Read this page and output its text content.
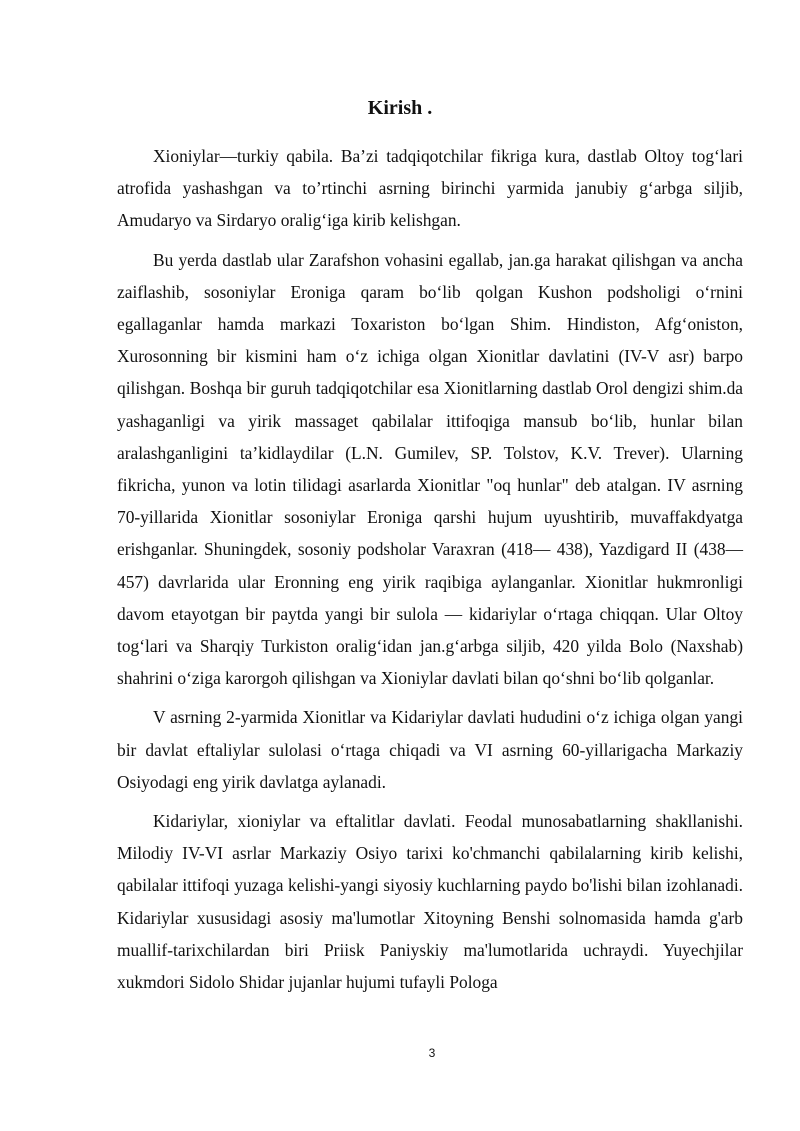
Kirish .

Xioniylar—turkiy qabila. Ba’zi tadqiqotchilar fikriga kura, dastlab Oltoy tog‘lari atrofida yashashgan va to’rtinchi asrning birinchi yarmida janubiy g‘arbga siljib, Amudaryo va Sirdaryo oralig‘iga kirib kelishgan.

Bu yerda dastlab ular Zarafshon vohasini egallab, jan.ga harakat qilishgan va ancha zaiflashib, sosoniylar Eroniga qaram bo‘lib qolgan Kushon podsholigi o‘rnini egallaganlar hamda markazi Toxariston bo‘lgan Shim. Hindiston, Afg‘oniston, Xurosonning bir kismini ham o‘z ichiga olgan Xionitlar davlatini (IV-V asr) barpo qilishgan. Boshqa bir guruh tadqiqotchilar esa Xionitlarning dastlab Orol dengizi shim.da yashaganligi va yirik massaget qabilalar ittifoqiga mansub bo‘lib, hunlar bilan aralashganligini ta’kidlaydilar (L.N. Gumilev, SP. Tolstov, K.V. Trever). Ularning fikricha, yunon va lotin tilidagi asarlarda Xionitlar "oq hunlar" deb atalgan. IV asrning 70-yillarida Xionitlar sosoniylar Eroniga qarshi hujum uyushtirib, muvaffakdyatga erishganlar. Shuningdek, sosoniy podsholar Varaxran (418— 438), Yazdigard II (438—457) davrlarida ular Eronning eng yirik raqibiga aylanganlar. Xionitlar hukmronligi davom etayotgan bir paytda yangi bir sulola — kidariylar o‘rtaga chiqqan. Ular Oltoy tog‘lari va Sharqiy Turkiston oralig‘idan jan.g‘arbga siljib, 420 yilda Bolo (Naxshab) shahrini o‘ziga karorgoh qilishgan va Xioniylar davlati bilan qo‘shni bo‘lib qolganlar.

V asrning 2-yarmida Xionitlar va Kidariylar davlati hududini o‘z ichiga olgan yangi bir davlat eftaliylar sulolasi o‘rtaga chiqadi va VI asrning 60-yillarigacha Markaziy Osiyodagi eng yirik davlatga aylanadi.

Kidariylar, xioniylar va eftalitlar davlati. Feodal munosabatlarning shakllanishi. Milodiy IV-VI asrlar Markaziy Osiyo tarixi ko'chmanchi qabilalarning kirib kelishi, qabilalar ittifoqi yuzaga kelishi-yangi siyosiy kuchlarning paydo bo'lishi bilan izohlanadi. Kidariylar xususidagi asosiy ma'lumotlar Xitoyning Benshi solnomasida hamda g'arb muallif-tarixchilardan biri Priisk Paniyskiy ma'lumotlarida uchraydi. Yuyechjilar xukmdori Sidolo Shidar jujanlar hujumi tufayli Pologa

3
